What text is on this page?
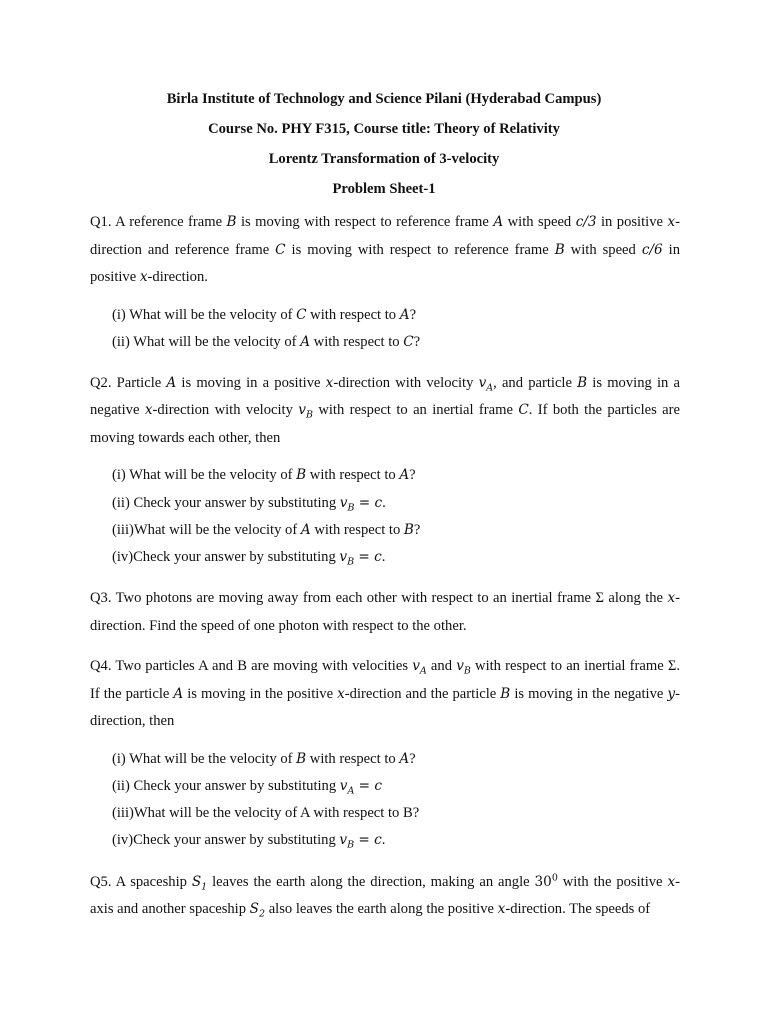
Birla Institute of Technology and Science Pilani (Hyderabad Campus)
Course No. PHY F315, Course title: Theory of Relativity
Lorentz Transformation of 3-velocity
Problem Sheet-1

Q1. A reference frame B is moving with respect to reference frame A with speed c/3 in positive x-direction and reference frame C is moving with respect to reference frame B with speed c/6 in positive x-direction.

(i) What will be the velocity of C with respect to A?
(ii) What will be the velocity of A with respect to C?

Q2. Particle A is moving in a positive x-direction with velocity $v_A$, and particle B is moving in a negative x-direction with velocity $v_B$ with respect to an inertial frame C. If both the particles are moving towards each other, then

(i) What will be the velocity of B with respect to A?
(ii) Check your answer by substituting $v_B = c$.
(iii)What will be the velocity of A with respect to B?
(iv)Check your answer by substituting $v_B = c$.

Q3. Two photons are moving away from each other with respect to an inertial frame Σ along the x-direction. Find the speed of one photon with respect to the other.

Q4. Two particles A and B are moving with velocities $v_A$ and $v_B$ with respect to an inertial frame Σ. If the particle A is moving in the positive x-direction and the particle B is moving in the negative y-direction, then

(i) What will be the velocity of B with respect to A?
(ii) Check your answer by substituting $v_A = c$
(iii)What will be the velocity of A with respect to B?
(iv)Check your answer by substituting $v_B = c$.

Q5. A spaceship $S_1$ leaves the earth along the direction, making an angle $30^0$ with the positive x-axis and another spaceship $S_2$ also leaves the earth along the positive x-direction. The speeds of
